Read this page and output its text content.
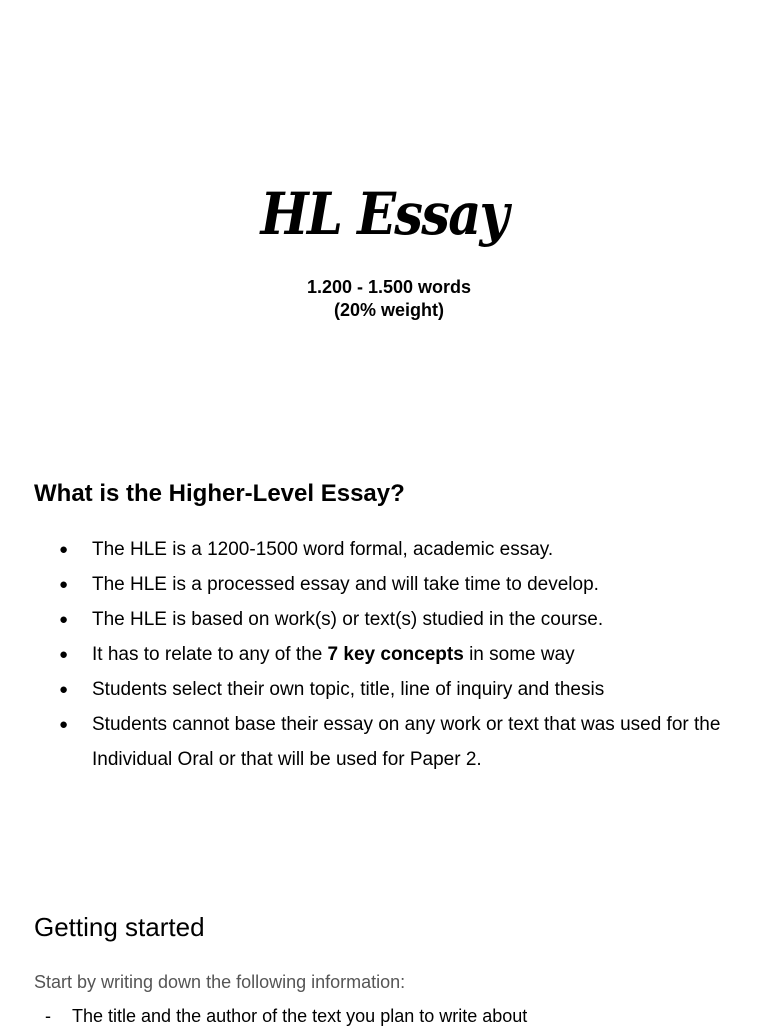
HL Essay
1.200 - 1.500 words
(20% weight)
What is the Higher-Level Essay?
● The HLE is a 1200-1500 word formal, academic essay.
● The HLE is a processed essay and will take time to develop.
● The HLE is based on work(s) or text(s) studied in the course.
● It has to relate to any of the 7 key concepts in some way
● Students select their own topic, title, line of inquiry and thesis
● Students cannot base their essay on any work or text that was used for the Individual Oral or that will be used for Paper 2.
Getting started
Start by writing down the following information:
- The title and the author of the text you plan to write about
